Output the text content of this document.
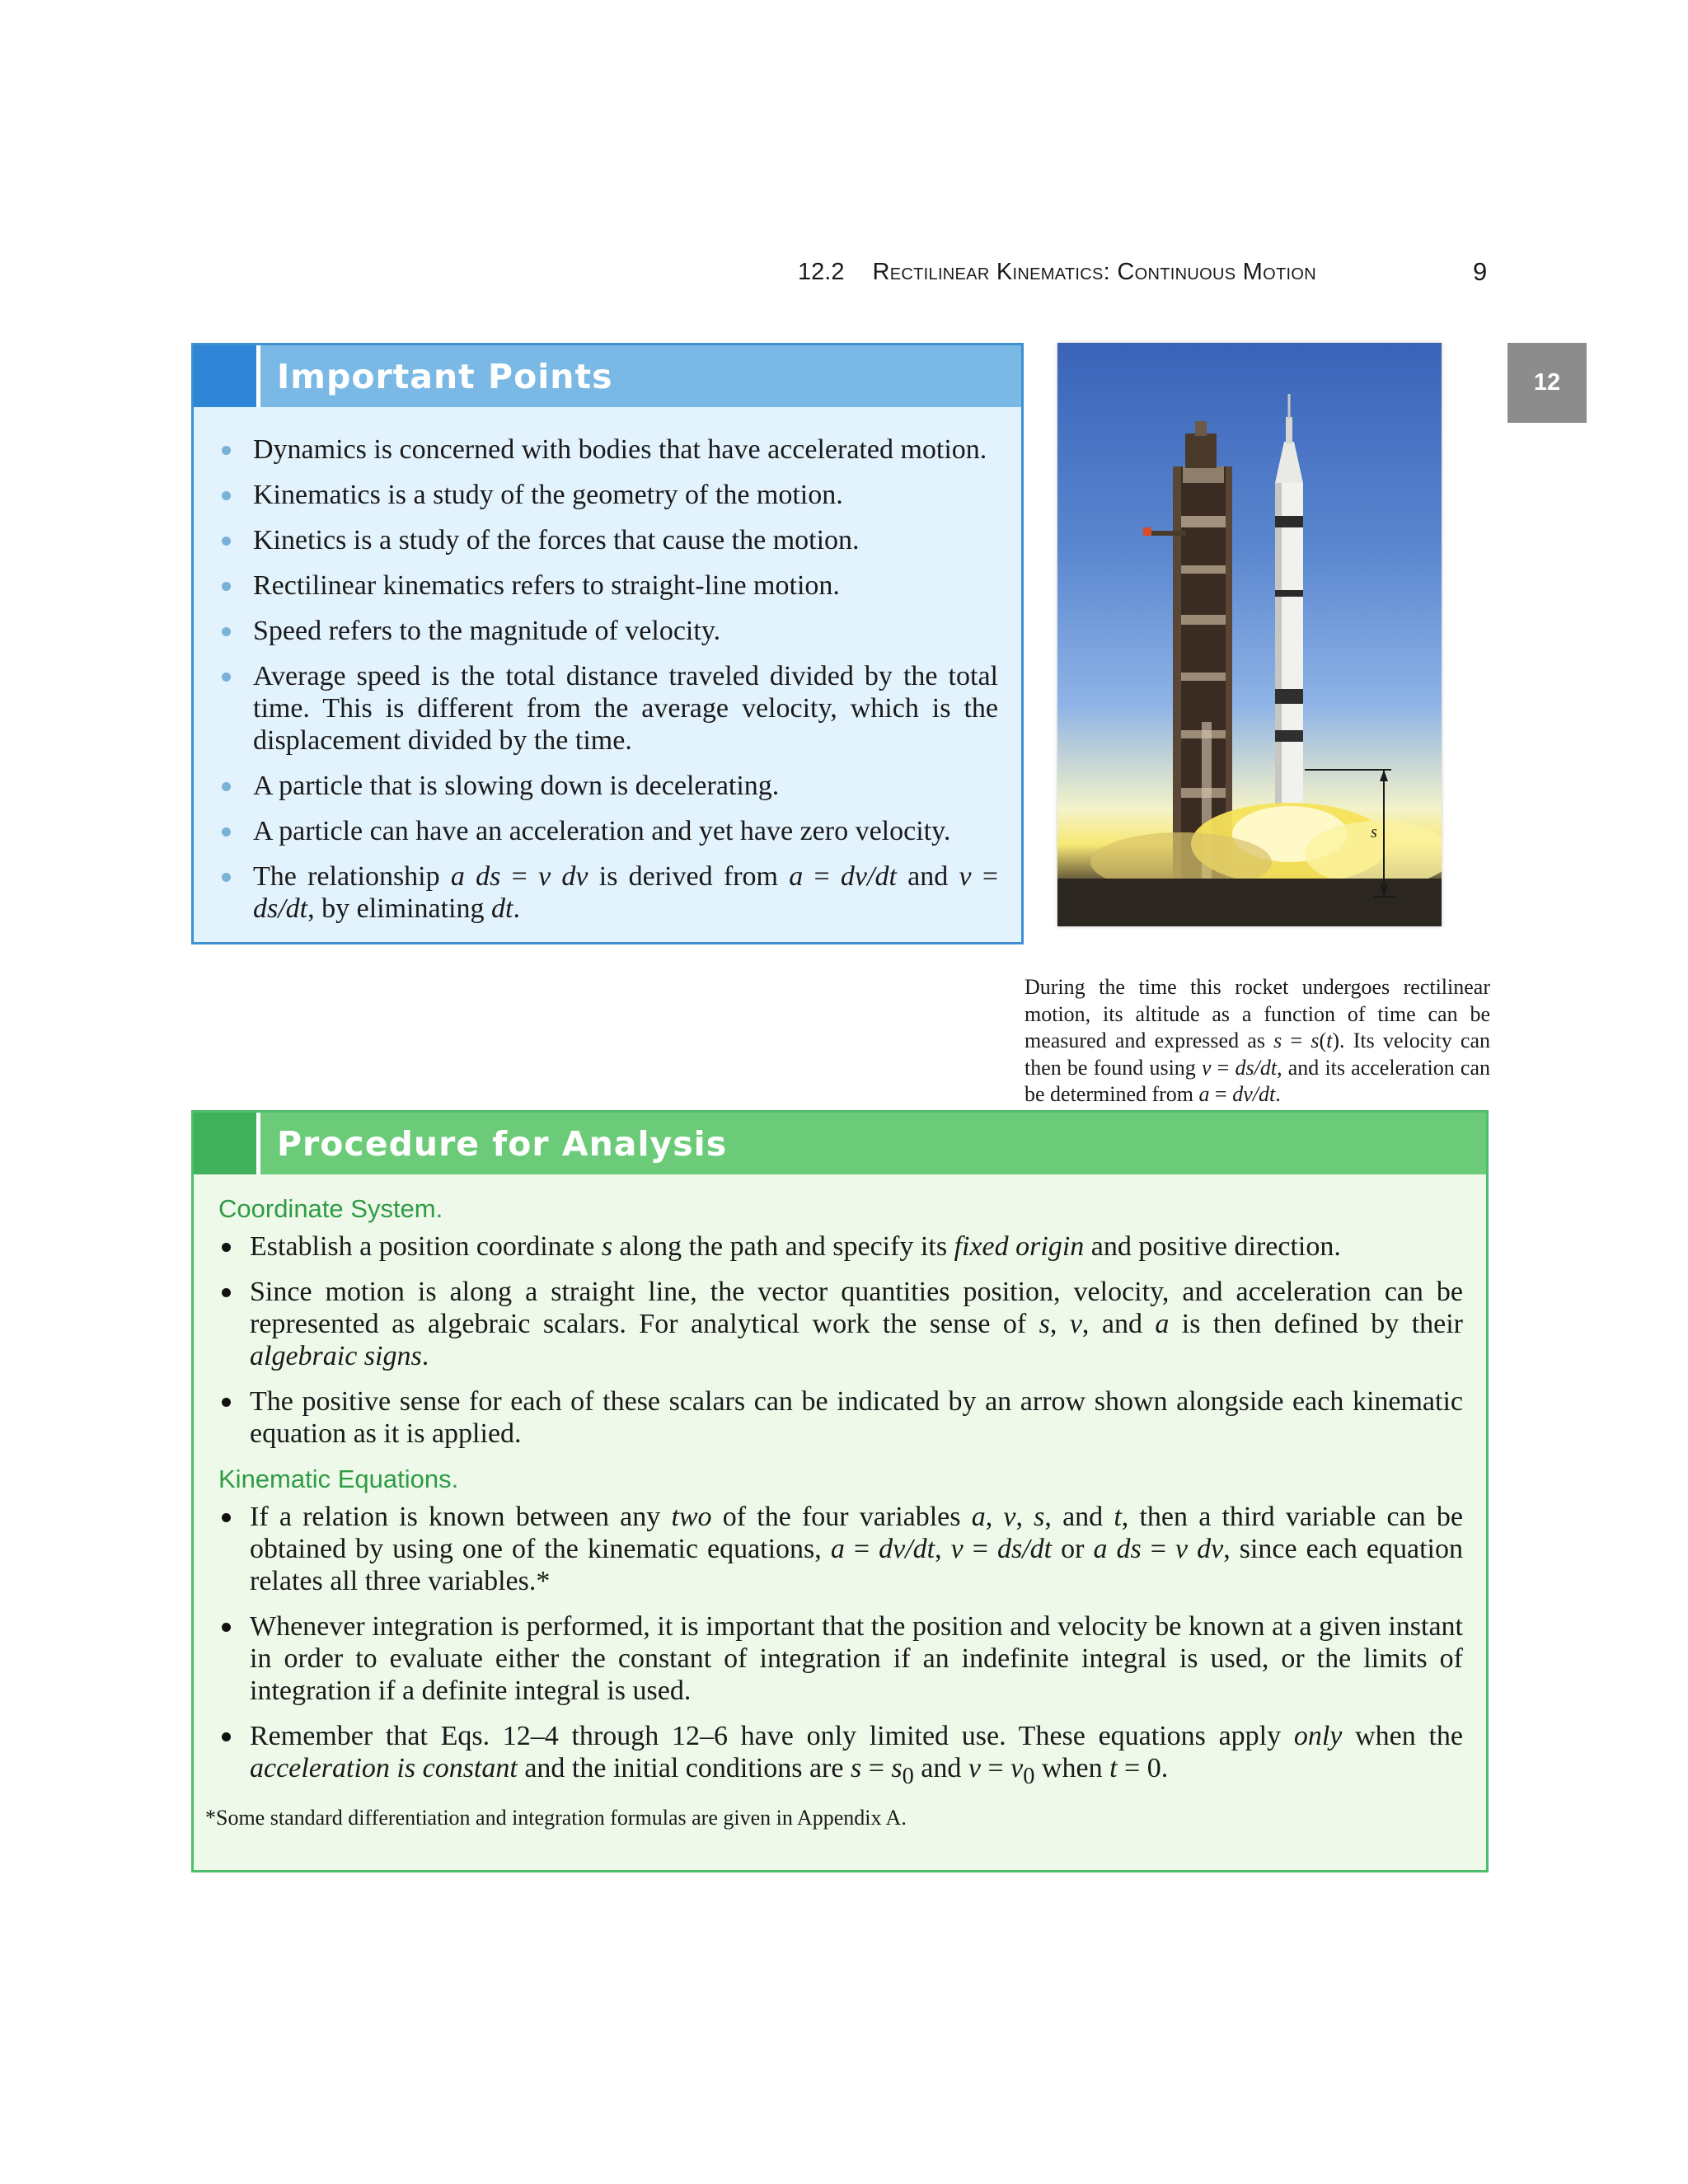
12.2 Rectilinear Kinematics: Continuous Motion	9
12
Important Points
Dynamics is concerned with bodies that have accelerated motion.
Kinematics is a study of the geometry of the motion.
Kinetics is a study of the forces that cause the motion.
Rectilinear kinematics refers to straight-line motion.
Speed refers to the magnitude of velocity.
Average speed is the total distance traveled divided by the total time. This is different from the average velocity, which is the displacement divided by the time.
A particle that is slowing down is decelerating.
A particle can have an acceleration and yet have zero velocity.
The relationship a ds = v dv is derived from a = dv/dt and v = ds/dt, by eliminating dt.
s
During the time this rocket undergoes rectilinear motion, its altitude as a function of time can be measured and expressed as s = s(t). Its velocity can then be found using v = ds/dt, and its acceleration can be determined from a = dv/dt.
Procedure for Analysis
Coordinate System.
Establish a position coordinate s along the path and specify its fixed origin and positive direction.
Since motion is along a straight line, the vector quantities position, velocity, and acceleration can be represented as algebraic scalars. For analytical work the sense of s, v, and a is then defined by their algebraic signs.
The positive sense for each of these scalars can be indicated by an arrow shown alongside each kinematic equation as it is applied.
Kinematic Equations.
If a relation is known between any two of the four variables a, v, s, and t, then a third variable can be obtained by using one of the kinematic equations, a = dv/dt, v = ds/dt or a ds = v dv, since each equation relates all three variables.*
Whenever integration is performed, it is important that the position and velocity be known at a given instant in order to evaluate either the constant of integration if an indefinite integral is used, or the limits of integration if a definite integral is used.
Remember that Eqs. 12–4 through 12–6 have only limited use. These equations apply only when the acceleration is constant and the initial conditions are $s = s_0$ and $v = v_0$ when t = 0.
*Some standard differentiation and integration formulas are given in Appendix A.
